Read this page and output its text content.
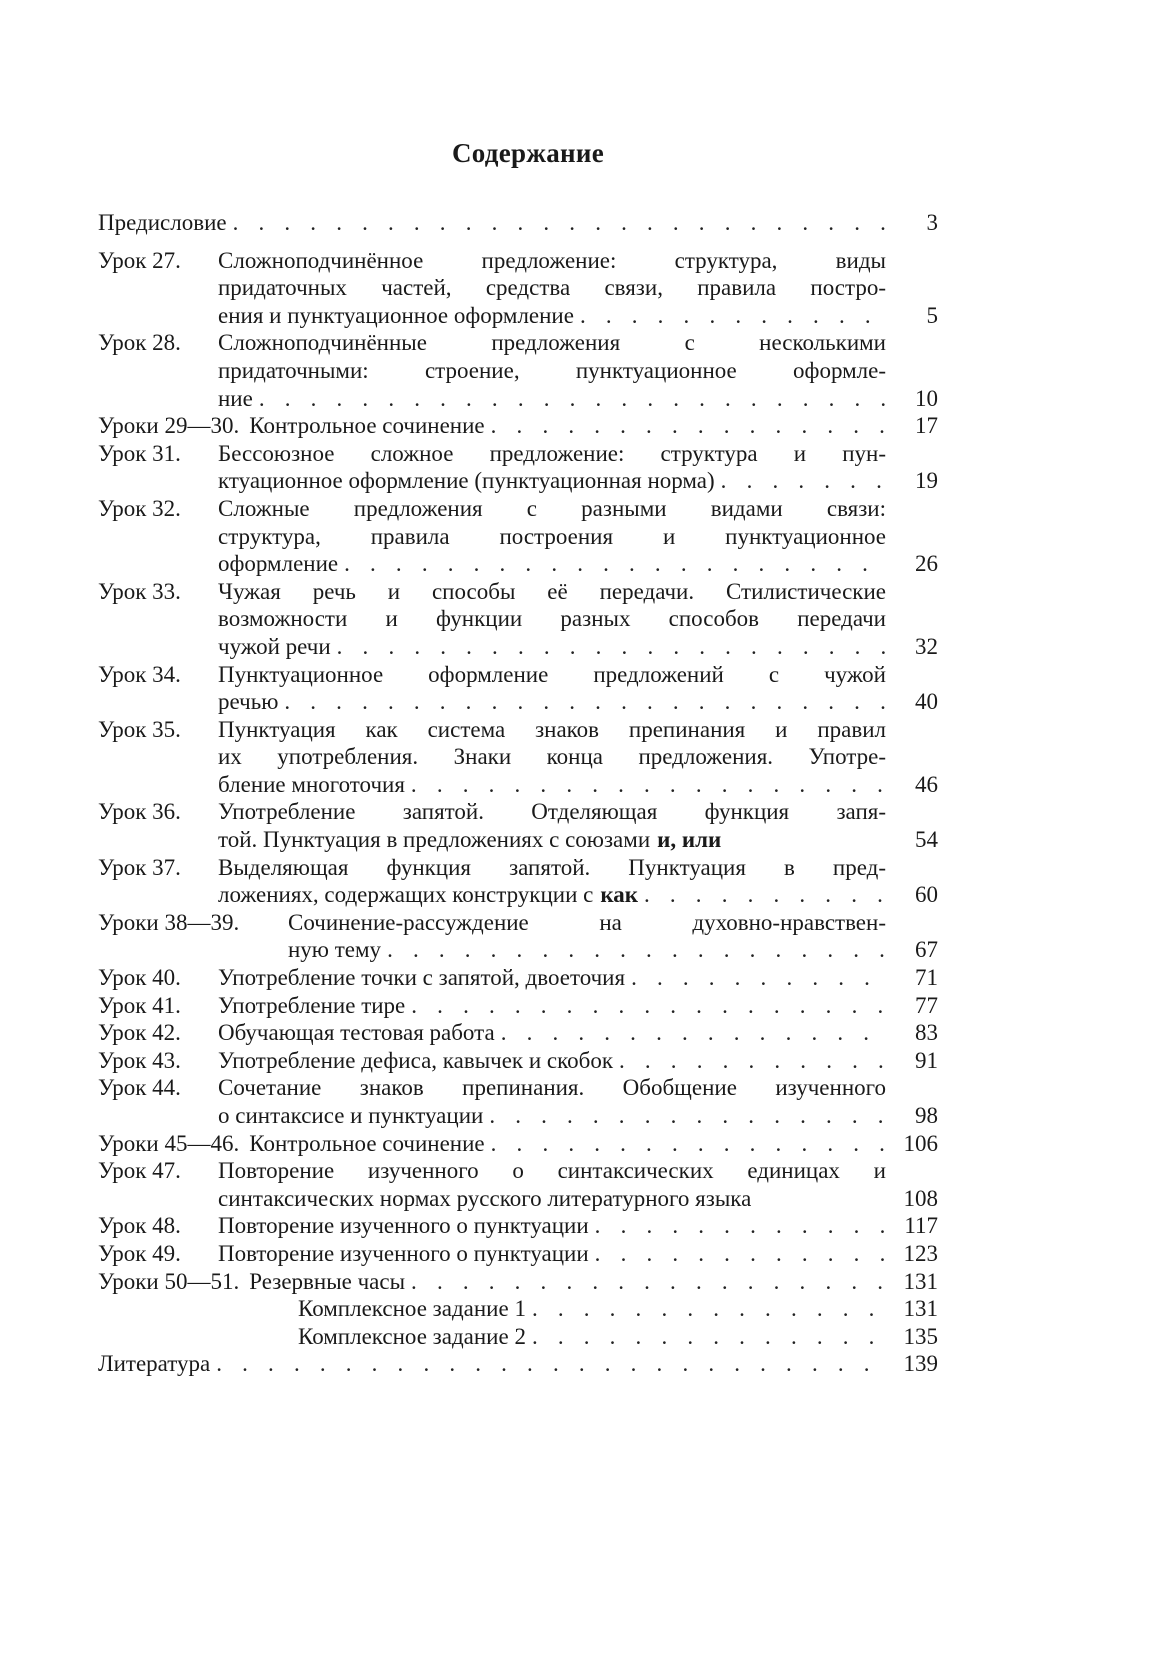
Содержание
Предисловие . . .	3
Урок 27.	Сложноподчинённое предложение: структура, виды
придаточных частей, средства связи, правила постро-
ения и пунктуационное оформление . . .	5
Урок 28.	Сложноподчинённые предложения с несколькими
придаточными: строение, пунктуационное оформле-
ние . . .	10
Уроки 29—30. Контрольное сочинение . . .	17
Урок 31.	Бессоюзное сложное предложение: структура и пун-
ктуационное оформление (пунктуационная норма) . . .	19
Урок 32.	Сложные предложения с разными видами связи:
структура, правила построения и пунктуационное
оформление . . .	26
Урок 33.	Чужая речь и способы её передачи. Стилистические
возможности и функции разных способов передачи
чужой речи . . .	32
Урок 34.	Пунктуационное оформление предложений с чужой
речью . . .	40
Урок 35.	Пунктуация как система знаков препинания и правил
их употребления. Знаки конца предложения. Употре-
бление многоточия . . .	46
Урок 36.	Употребление запятой. Отделяющая функция запя-
той. Пунктуация в предложениях с союзами и, или	54
Урок 37.	Выделяющая функция запятой. Пунктуация в пред-
ложениях, содержащих конструкции с как . . .	60
Уроки 38—39.	Сочинение-рассуждение на духовно-нравствен-
ную тему . . .	67
Урок 40.	Употребление точки с запятой, двоеточия . . .	71
Урок 41.	Употребление тире . . .	77
Урок 42.	Обучающая тестовая работа . . .	83
Урок 43.	Употребление дефиса, кавычек и скобок . . .	91
Урок 44.	Сочетание знаков препинания. Обобщение изученного
о синтаксисе и пунктуации . . .	98
Уроки 45—46. Контрольное сочинение . . .	106
Урок 47.	Повторение изученного о синтаксических единицах и
синтаксических нормах русского литературного языка	108
Урок 48.	Повторение изученного о пунктуации . . .	117
Урок 49.	Повторение изученного о пунктуации . . .	123
Уроки 50—51. Резервные часы . . .	131
Комплексное задание 1 . . .	131
Комплексное задание 2 . . .	135
Литература . . .	139
